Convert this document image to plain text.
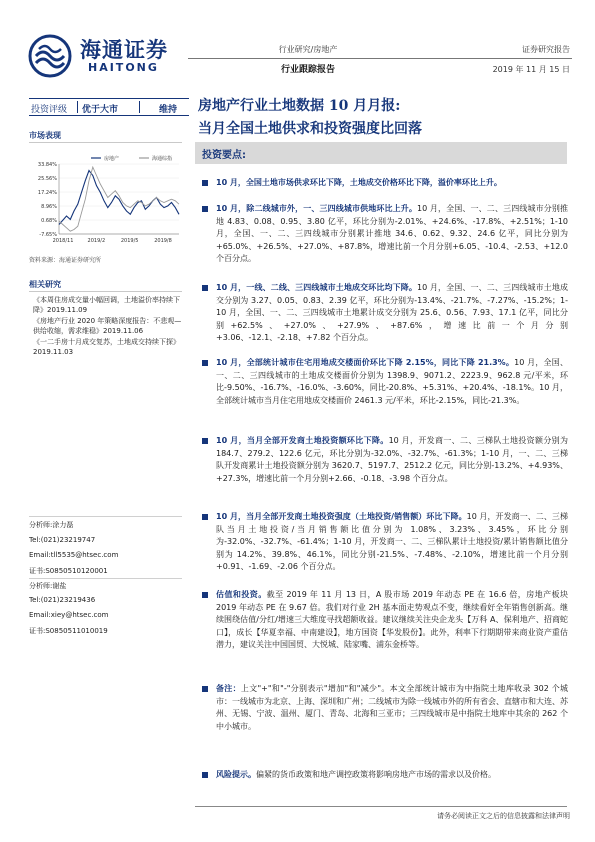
海通证券
HAITONG
行业研究/房地产
行业跟踪报告
证券研究报告
2019 年 11 月 15 日
投资评级 优于大市	维持 房地产行业土地数据 10 月月报:
当月全国土地供求和投资强度比回落
市场表现
33.84%
25.56%
17.24%
8.96%
0.68%
-7.65%
2018/11	2019/2	2019/5	2019/8
房地产	海通综指
资料来源：海通证券研究所
相关研究
《本周住房成交量小幅回调，土地溢价率持续下降》2019.11.09
《房地产行业 2020 年策略深度报告：不悲观—供给收缩，需求维稳》2019.11.06
《一二手房十月成交复苏，土地成交持续下探》2019.11.03
分析师:涂力磊
Tel:(021)23219747
Email:tll5535@htsec.com
证书:S0850510120001
分析师:谢盐
Tel:(021)23219436
Email:xiey@htsec.com
证书:S0850511010019
投资要点:
10 月，全国土地市场供求环比下降，土地成交价格环比下降，溢价率环比上升。
10 月，除二线城市外，一、三四线城市供地环比上升。10 月，全国、一、二、三四线城市分别推地 4.83、0.08、0.95、3.80 亿平，环比分别为-2.01%、+24.6%、-17.8%、+2.51%；1-10 月，全国、一、二、三四线城市分别累计推地 34.6、0.62、9.32、24.6 亿平，同比分别为+65.0%、+26.5%、+27.0%、+87.8%，增速比前一个月分别+6.05、-10.4、-2.53、+12.0 个百分点。
10 月，一线、二线、三四线城市土地成交环比均下降。10 月，全国、一、二、三四线城市土地成交分别为 3.27、0.05、0.83、2.39 亿平，环比分别为-13.4%、-21.7%、-7.27%、-15.2%；1-10 月，全国、一、二、三四线城市土地累计成交分别为 25.6、0.56、7.93、17.1 亿平，同比分别+62.5%、+27.0%、+27.9%、+87.6%，增速比前一个月分别+3.06、-12.1、-2.18、+7.82 个百分点。
10 月，全部统计城市住宅用地成交楼面价环比下降 2.15%，同比下降 21.3%。10 月，全国、一、二、三四线城市的土地成交楼面价分别为 1398.9、9071.2、2223.9、962.8 元/平米，环比-9.50%、-16.7%、-16.0%、-3.60%，同比-20.8%、+5.31%、+20.4%、-18.1%。10 月，全部统计城市当月住宅用地成交楼面价 2461.3 元/平米，环比-2.15%，同比-21.3%。
10 月，当月全部开发商土地投资额环比下降。10 月，开发商一、二、三梯队土地投资额分别为 184.7、279.2、122.6 亿元，环比分别为-32.0%、-32.7%、-61.3%；1-10 月，一、二、三梯队开发商累计土地投资额分别为 3620.7、5197.7、2512.2 亿元，同比分别-13.2%、+4.93%、+27.3%，增速比前一个月分别+2.66、-0.18、-3.98 个百分点。
10 月，当月全部开发商土地投资强度（土地投资/销售额）环比下降。10 月，开发商一、二、三梯队当月土地投资/当月销售额比值分别为 1.08%、3.23%、3.45%，环比分别为-32.0%、-32.7%、-61.4%；1-10 月，开发商一、二、三梯队累计土地投资/累计销售额比值分别为 14.2%、39.8%、46.1%，同比分别-21.5%、-7.48%、-2.10%，增速比前一个月分别+0.91、-1.69、-2.06 个百分点。
估值和投资。截至 2019 年 11 月 13 日，A 股市场 2019 年动态 PE 在 16.6 倍，房地产板块 2019 年动态 PE 在 9.67 倍。我们对行业 2H 基本面走势观点不变，继续看好全年销售创新高。继续围绕估值/分红/增速三大维度寻找超额收益。建议继续关注央企龙头【万科 A、保利地产、招商蛇口】，成长【华夏幸福、中南建设】，地方国资【华发股份】。此外，利率下行期期带来商业资产重估潜力，建议关注中国国贸、大悦城、陆家嘴、浦东金桥等。
备注：上文"+"和"-"分别表示"增加"和"减少"。本文全部统计城市为中指院土地库收录 302 个城市：一线城市为北京、上海、深圳和广州；二线城市为除一线城市外的所有省会、直辖市和大连、苏州、无锡、宁波、温州、厦门、青岛、北海和三亚市；三四线城市是中指院土地库中其余的 262 个中小城市。
风险提示。偏紧的货币政策和地产调控政策将影响房地产市场的需求以及价格。
请务必阅读正文之后的信息披露和法律声明
